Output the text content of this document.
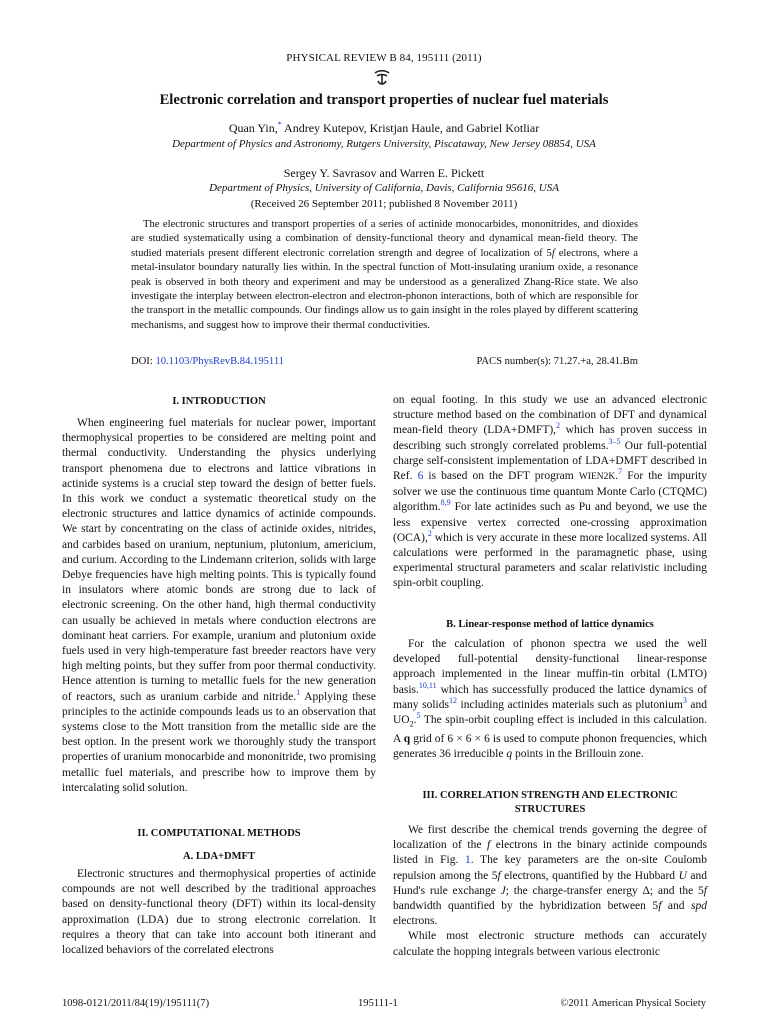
PHYSICAL REVIEW B 84, 195111 (2011)
Electronic correlation and transport properties of nuclear fuel materials
Quan Yin,* Andrey Kutepov, Kristjan Haule, and Gabriel Kotliar
Department of Physics and Astronomy, Rutgers University, Piscataway, New Jersey 08854, USA
Sergey Y. Savrasov and Warren E. Pickett
Department of Physics, University of California, Davis, California 95616, USA
(Received 26 September 2011; published 8 November 2011)
The electronic structures and transport properties of a series of actinide monocarbides, mononitrides, and dioxides are studied systematically using a combination of density-functional theory and dynamical mean-field theory. The studied materials present different electronic correlation strength and degree of localization of 5f electrons, where a metal-insulator boundary naturally lies within. In the spectral function of Mott-insulating uranium oxide, a resonance peak is observed in both theory and experiment and may be understood as a generalized Zhang-Rice state. We also investigate the interplay between electron-electron and electron-phonon interactions, both of which are responsible for the transport in the metallic compounds. Our findings allow us to gain insight in the roles played by different scattering mechanisms, and suggest how to improve their thermal conductivities.
DOI: 10.1103/PhysRevB.84.195111	PACS number(s): 71.27.+a, 28.41.Bm
I. INTRODUCTION

When engineering fuel materials for nuclear power, important thermophysical properties to be considered are melting point and thermal conductivity. Understanding the physics underlying transport phenomena due to electrons and lattice vibrations in actinide systems is a crucial step toward the design of better fuels. In this work we conduct a systematic theoretical study on the electronic structures and lattice dynamics of actinide compounds. We start by concentrating on the class of actinide oxides, nitrides, and carbides based on uranium, neptunium, plutonium, americium, and curium. According to the Lindemann criterion, solids with large Debye frequencies have high melting points. This is typically found in insulators where atomic bonds are strong due to lack of electronic screening. On the other hand, high thermal conductivity can usually be achieved in metals where conduction electrons are dominant heat carriers. For example, uranium and plutonium oxide fuels used in very high-temperature fast breeder reactors have very high melting points, but they suffer from poor thermal conductivity. Hence attention is turning to metallic fuels for the new generation of reactors, such as uranium carbide and nitride.$^1$ Applying these principles to the actinide compounds leads us to an observation that systems close to the Mott transition from the metallic side are the best option. In the present work we thoroughly study the transport properties of uranium monocarbide and mononitride, two promising metallic fuel materials, and prescribe how to improve them by intercalating solid solution.

II. COMPUTATIONAL METHODS
A. LDA+DMFT

Electronic structures and thermophysical properties of actinide compounds are not well described by the traditional approaches based on density-functional theory (DFT) within its local-density approximation (LDA) due to strong electronic correlation. It requires a theory that can take into account both itinerant and localized behaviors of the correlated electrons

on equal footing. In this study we use an advanced electronic structure method based on the combination of DFT and dynamical mean-field theory (LDA+DMFT),$^2$ which has proven success in describing such strongly correlated problems.$^{3-5}$ Our full-potential charge self-consistent implementation of LDA+DMFT described in Ref. 6 is based on the DFT program WIEN2K.$^7$ For the impurity solver we use the continuous time quantum Monte Carlo (CTQMC) algorithm.$^{8,9}$ For late actinides such as Pu and beyond, we use the less expensive vertex corrected one-crossing approximation (OCA),$^2$ which is very accurate in these more localized systems. All calculations were performed in the paramagnetic phase, using experimental structural parameters and scalar relativistic including spin-orbit coupling.

B. Linear-response method of lattice dynamics

For the calculation of phonon spectra we used the well developed full-potential density-functional linear-response approach implemented in the linear muffin-tin orbital (LMTO) basis.$^{10,11}$ which has successfully produced the lattice dynamics of many solids$^{12}$ including actinides materials such as plutonium$^3$ and $UO_2.^5$ The spin-orbit coupling effect is included in this calculation. A q grid of 6 × 6 × 6 is used to compute phonon frequencies, which generates 36 irreducible q points in the Brillouin zone.

III. CORRELATION STRENGTH AND ELECTRONIC
STRUCTURES

We first describe the chemical trends governing the degree of localization of the f electrons in the binary actinide compounds listed in Fig. 1. The key parameters are the on-site Coulomb repulsion among the 5f electrons, quantified by the Hubbard U and Hund's rule exchange J; the charge-transfer energy Δ; and the 5f bandwidth quantified by the hybridization between 5f and spd electrons.

While most electronic structure methods can accurately calculate the hopping integrals between various electronic

1098-0121/2011/84(19)/195111(7)	195111-1	©2011 American Physical Society
